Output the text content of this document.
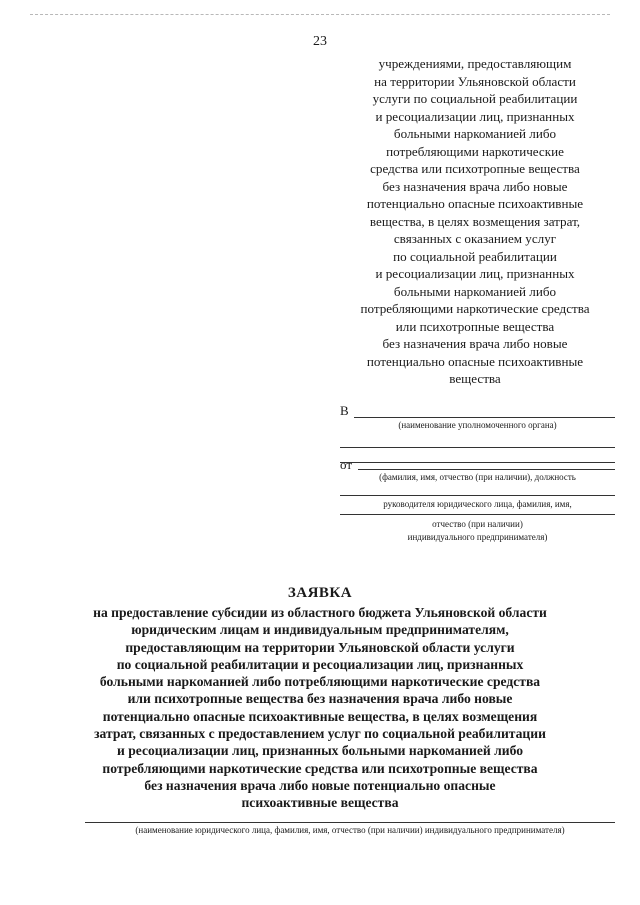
23
учреждениями, предоставляющим
на территории Ульяновской области
услуги по социальной реабилитации
и ресоциализации лиц, признанных
больными наркоманией либо
потребляющими наркотические
средства или психотропные вещества
без назначения врача либо новые
потенциально опасные психоактивные
вещества, в целях возмещения затрат,
связанных с оказанием услуг
по социальной реабилитации
и ресоциализации лиц, признанных
больными наркоманией либо
потребляющими наркотические средства
или психотропные вещества
без назначения врача либо новые
потенциально опасные психоактивные
вещества
В
(наименование уполномоченного органа)
от
(фамилия, имя, отчество (при наличии), должность
руководителя юридического лица, фамилия, имя,
отчество (при наличии)
индивидуального предпринимателя)
ЗАЯВКА
на предоставление субсидии из областного бюджета Ульяновской области
юридическим лицам и индивидуальным предпринимателям,
предоставляющим на территории Ульяновской области услуги
по социальной реабилитации и ресоциализации лиц, признанных
больными наркоманией либо потребляющими наркотические средства
или психотропные вещества без назначения врача либо новые
потенциально опасные психоактивные вещества, в целях возмещения
затрат, связанных с предоставлением услуг по социальной реабилитации
и ресоциализации лиц, признанных больными наркоманией либо
потребляющими наркотические средства или психотропные вещества
без назначения врача либо новые потенциально опасные
психоактивные вещества
(наименование юридического лица, фамилия, имя, отчество (при наличии) индивидуального предпринимателя)
